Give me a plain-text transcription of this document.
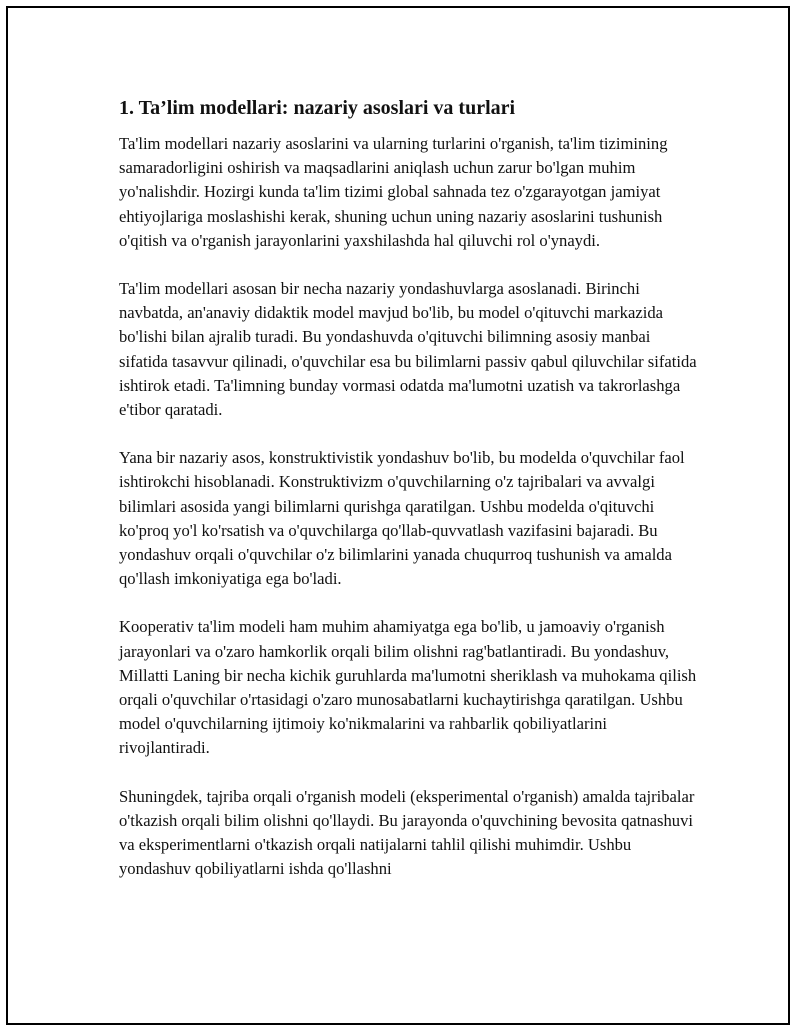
1. Ta’lim modellari: nazariy asoslari va turlari

Ta'lim modellari nazariy asoslarini va ularning turlarini o'rganish, ta'lim tizimining samaradorligini oshirish va maqsadlarini aniqlash uchun zarur bo'lgan muhim yo'nalishdir. Hozirgi kunda ta'lim tizimi global sahnada tez o'zgarayotgan jamiyat ehtiyojlariga moslashishi kerak, shuning uchun uning nazariy asoslarini tushunish o'qitish va o'rganish jarayonlarini yaxshilashda hal qiluvchi rol o'ynaydi.

Ta'lim modellari asosan bir necha nazariy yondashuvlarga asoslanadi. Birinchi navbatda, an'anaviy didaktik model mavjud bo'lib, bu model o'qituvchi markazida bo'lishi bilan ajralib turadi. Bu yondashuvda o'qituvchi bilimning asosiy manbai sifatida tasavvur qilinadi, o'quvchilar esa bu bilimlarni passiv qabul qiluvchilar sifatida ishtirok etadi. Ta'limning bunday vormasi odatda ma'lumotni uzatish va takrorlashga e'tibor qaratadi.

Yana bir nazariy asos, konstruktivistik yondashuv bo'lib, bu modelda o'quvchilar faol ishtirokchi hisoblanadi. Konstruktivizm o'quvchilarning o'z tajribalari va avvalgi bilimlari asosida yangi bilimlarni qurishga qaratilgan. Ushbu modelda o'qituvchi ko'proq yo'l ko'rsatish va o'quvchilarga qo'llab-quvvatlash vazifasini bajaradi. Bu yondashuv orqali o'quvchilar o'z bilimlarini yanada chuqurroq tushunish va amalda qo'llash imkoniyatiga ega bo'ladi.

Kooperativ ta'lim modeli ham muhim ahamiyatga ega bo'lib, u jamoaviy o'rganish jarayonlari va o'zaro hamkorlik orqali bilim olishni rag'batlantiradi. Bu yondashuv, Millatti Laning bir necha kichik guruhlarda ma'lumotni sheriklash va muhokama qilish orqali o'quvchilar o'rtasidagi o'zaro munosabatlarni kuchaytirishga qaratilgan. Ushbu model o'quvchilarning ijtimoiy ko'nikmalarini va rahbarlik qobiliyatlarini rivojlantiradi.

Shuningdek, tajriba orqali o'rganish modeli (eksperimental o'rganish) amalda tajribalar o'tkazish orqali bilim olishni qo'llaydi. Bu jarayonda o'quvchining bevosita qatnashuvi va eksperimentlarni o'tkazish orqali natijalarni tahlil qilishi muhimdir. Ushbu yondashuv qobiliyatlarni ishda qo'llashni
